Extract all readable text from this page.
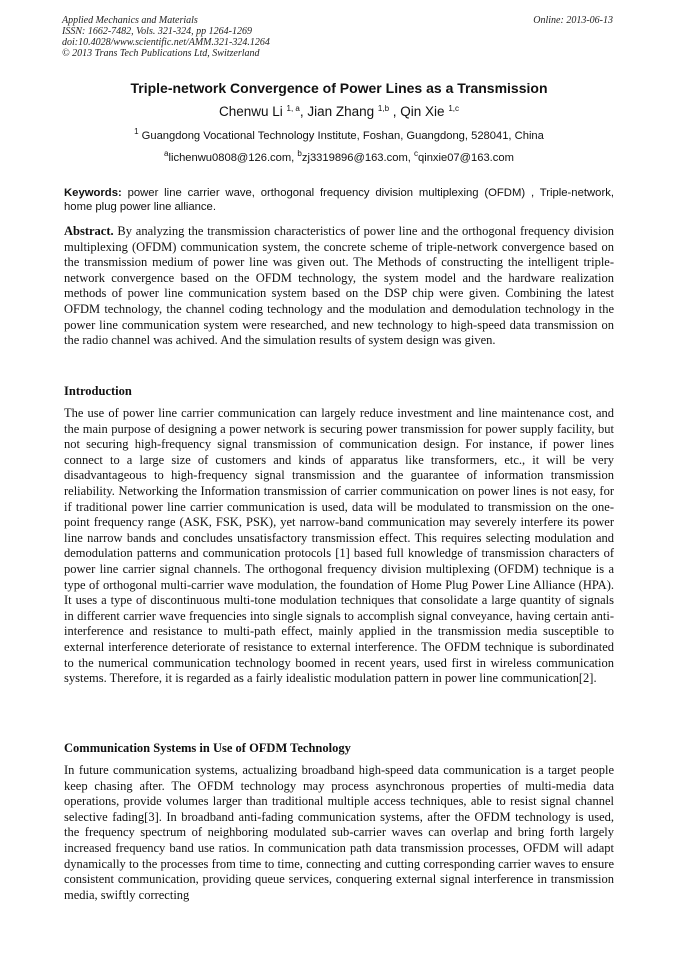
Applied Mechanics and Materials
ISSN: 1662-7482, Vols. 321-324, pp 1264-1269
doi:10.4028/www.scientific.net/AMM.321-324.1264
© 2013 Trans Tech Publications Ltd, Switzerland
Online: 2013-06-13
Triple-network Convergence of Power Lines as a Transmission
Chenwu Li $^{1, a}$, Jian Zhang $^{1,b}$ , Qin Xie $^{1,c}$
$^1$ Guangdong Vocational Technology Institute, Foshan, Guangdong, 528041, China
$^a$lichenwu0808@126.com, $^b$zj3319896@163.com, $^c$qinxie07@163.com
Keywords: power line carrier wave, orthogonal frequency division multiplexing (OFDM) , Triple-network, home plug power line alliance.
Abstract. By analyzing the transmission characteristics of power line and the orthogonal frequency division multiplexing (OFDM) communication system, the concrete scheme of triple-network convergence based on the transmission medium of power line was given out. The Methods of constructing the intelligent triple-network convergence based on the OFDM technology, the system model and the hardware realization methods of power line communication system based on the DSP chip were given. Combining the latest OFDM technology, the channel coding technology and the modulation and demodulation technology in the power line communication system were researched, and new technology to high-speed data transmission on the radio channel was achived. And the simulation results of system design was given.
Introduction
The use of power line carrier communication can largely reduce investment and line maintenance cost, and the main purpose of designing a power network is securing power transmission for power supply facility, but not securing high-frequency signal transmission of communication design. For instance, if power lines connect to a large size of customers and kinds of apparatus like transformers, etc., it will be very disadvantageous to high-frequency signal transmission and the guarantee of information transmission reliability. Networking the Information transmission of carrier communication on power lines is not easy, for if traditional power line carrier communication is used, data will be modulated to transmission on the one-point frequency range (ASK, FSK, PSK), yet narrow-band communication may severely interfere its power line narrow bands and concludes unsatisfactory transmission effect. This requires selecting modulation and demodulation patterns and communication protocols [1] based full knowledge of transmission characters of power line carrier signal channels. The orthogonal frequency division multiplexing (OFDM) technique is a type of orthogonal multi-carrier wave modulation, the foundation of Home Plug Power Line Alliance (HPA). It uses a type of discontinuous multi-tone modulation techniques that consolidate a large quantity of signals in different carrier wave frequencies into single signals to accomplish signal conveyance, having certain anti-interference and resistance to multi-path effect, mainly applied in the transmission media susceptible to external interference deteriorate of resistance to external interference. The OFDM technique is subordinated to the numerical communication technology boomed in recent years, used first in wireless communication systems. Therefore, it is regarded as a fairly idealistic modulation pattern in power line communication[2].
Communication Systems in Use of OFDM Technology
In future communication systems, actualizing broadband high-speed data communication is a target people keep chasing after. The OFDM technology may process asynchronous properties of multi-media data operations, provide volumes larger than traditional multiple access techniques, able to resist signal channel selective fading[3]. In broadband anti-fading communication systems, after the OFDM technology is used, the frequency spectrum of neighboring modulated sub-carrier waves can overlap and bring forth largely increased frequency band use ratios. In communication path data transmission processes, OFDM will adapt dynamically to the processes from time to time, connecting and cutting corresponding carrier waves to ensure consistent communication, providing queue services, conquering external signal interference in transmission media, swiftly correcting
